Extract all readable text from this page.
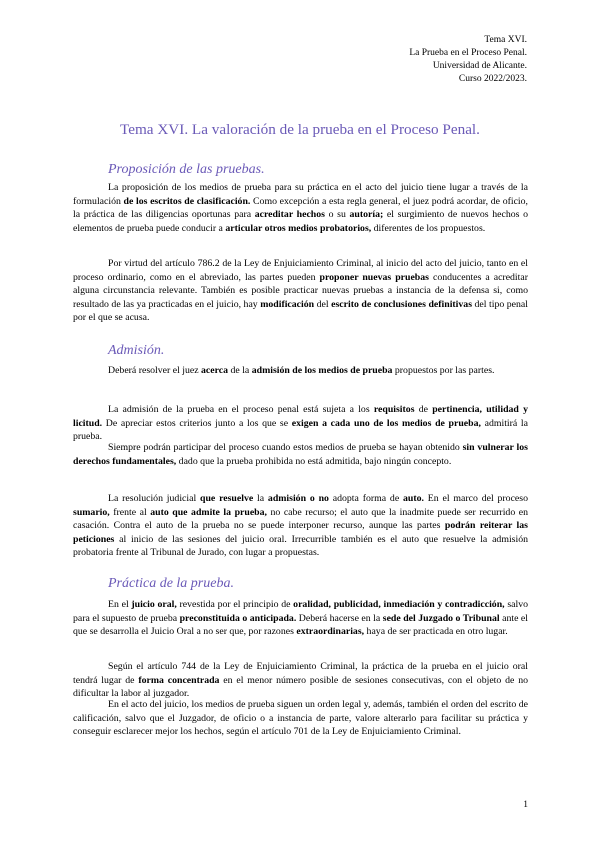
Tema XVI.
La Prueba en el Proceso Penal.
Universidad de Alicante.
Curso 2022/2023.
Tema XVI. La valoración de la prueba en el Proceso Penal.
Proposición de las pruebas.

La proposición de los medios de prueba para su práctica en el acto del juicio tiene lugar a través de la formulación de los escritos de clasificación. Como excepción a esta regla general, el juez podrá acordar, de oficio, la práctica de las diligencias oportunas para acreditar hechos o su autoría; el surgimiento de nuevos hechos o elementos de prueba puede conducir a articular otros medios probatorios, diferentes de los propuestos.

Por virtud del artículo 786.2 de la Ley de Enjuiciamiento Criminal, al inicio del acto del juicio, tanto en el proceso ordinario, como en el abreviado, las partes pueden proponer nuevas pruebas conducentes a acreditar alguna circunstancia relevante. También es posible practicar nuevas pruebas a instancia de la defensa si, como resultado de las ya practicadas en el juicio, hay modificación del escrito de conclusiones definitivas del tipo penal por el que se acusa.

Admisión.

Deberá resolver el juez acerca de la admisión de los medios de prueba propuestos por las partes.

La admisión de la prueba en el proceso penal está sujeta a los requisitos de pertinencia, utilidad y licitud. De apreciar estos criterios junto a los que se exigen a cada uno de los medios de prueba, admitirá la prueba.

Siempre podrán participar del proceso cuando estos medios de prueba se hayan obtenido sin vulnerar los derechos fundamentales, dado que la prueba prohibida no está admitida, bajo ningún concepto.

La resolución judicial que resuelve la admisión o no adopta forma de auto. En el marco del proceso sumario, frente al auto que admite la prueba, no cabe recurso; el auto que la inadmite puede ser recurrido en casación. Contra el auto de la prueba no se puede interponer recurso, aunque las partes podrán reiterar las peticiones al inicio de las sesiones del juicio oral. Irrecurrible también es el auto que resuelve la admisión probatoria frente al Tribunal de Jurado, con lugar a propuestas.

Práctica de la prueba.

En el juicio oral, revestida por el principio de oralidad, publicidad, inmediación y contradicción, salvo para el supuesto de prueba preconstituida o anticipada. Deberá hacerse en la sede del Juzgado o Tribunal ante el que se desarrolla el Juicio Oral a no ser que, por razones extraordinarias, haya de ser practicada en otro lugar.

Según el artículo 744 de la Ley de Enjuiciamiento Criminal, la práctica de la prueba en el juicio oral tendrá lugar de forma concentrada en el menor número posible de sesiones consecutivas, con el objeto de no dificultar la labor al juzgador.

En el acto del juicio, los medios de prueba siguen un orden legal y, además, también el orden del escrito de calificación, salvo que el Juzgador, de oficio o a instancia de parte, valore alterarlo para facilitar su práctica y conseguir esclarecer mejor los hechos, según el artículo 701 de la Ley de Enjuiciamiento Criminal.

1
